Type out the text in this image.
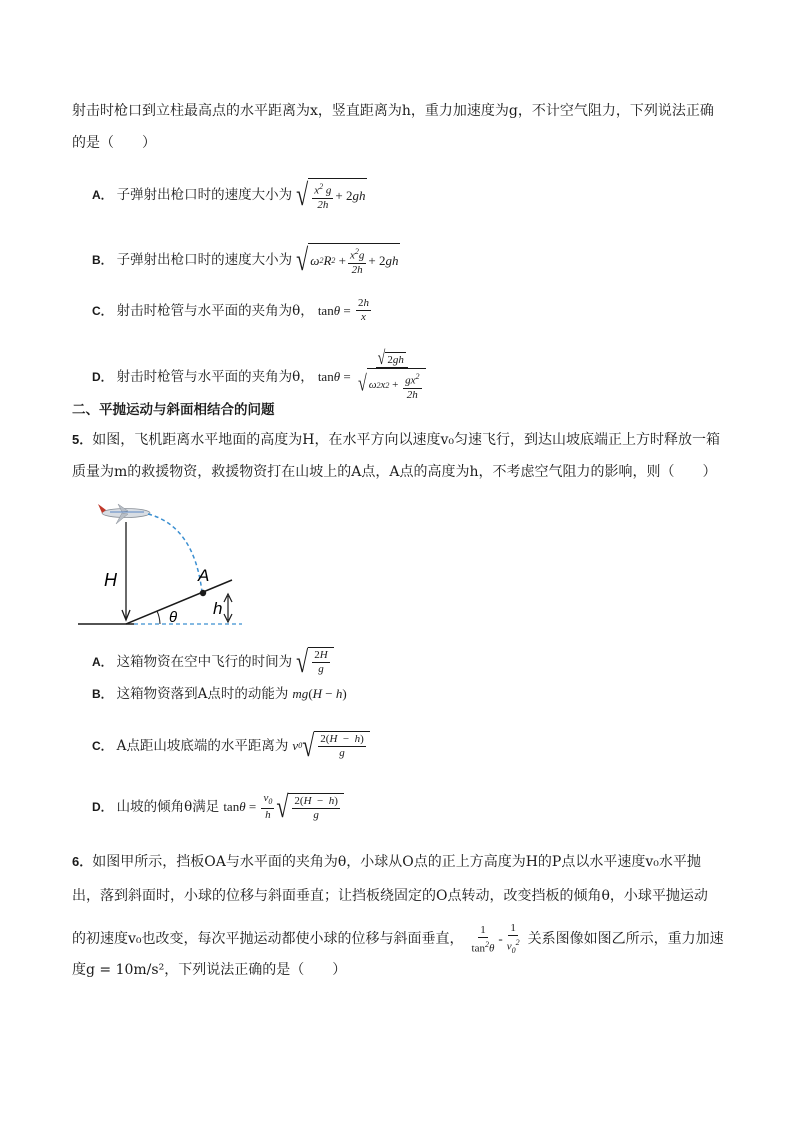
射击时枪口到立柱最高点的水平距离为x，竖直距离为h，重力加速度为g，不计空气阻力，下列说法正确
的是（　　）
A． 子弹射出枪口时的速度大小为 √ $\frac{x^2 g}{2h} + 2$ gh
B． 子弹射出枪口时的速度大小为 √ ω 2 R 2
+ $\frac{x^2g}{2h} + 2$ gh
C． 射击时枪管与水平面的夹角为θ， $\tan \theta = \frac{2h}{x}$
D． 射击时枪管与水平面的夹角为θ， tan θ = √ 2 gh
√ ω 2 x 2
+
$\frac{gx^2}{2h}$
二、平抛运动与斜面相结合的问题
5．如图，飞机距离水平地面的高度为H，在水平方向以速度v₀匀速飞行，到达山坡底端正上方时释放一箱
质量为m的救援物资，救援物资打在山坡上的A点，A点的高度为h，不考虑空气阻力的影响，则（　　）
H	A
h
θ
A． 这箱物资在空中飞行的时间为 √ $\frac{2H}{g}$
B． 这箱物资落到A点时的动能为 mg ( H − h )
C． A点距山坡底端的水平距离为 v 0 √ $\frac{2(H - h)}{g}$
D． 山坡的倾角θ满足 $\tan \theta = \frac{v_0}{h}$ √ $\frac{2(H - h)}{g}$
6．如图甲所示，挡板OA与水平面的夹角为θ，小球从O点的正上方高度为H的P点以水平速度v₀水平抛
出，落到斜面时，小球的位移与斜面垂直；让挡板绕固定的O点转动，改变挡板的倾角θ，小球平抛运动
的初速度v₀也改变，每次平抛运动都使小球的位移与斜面垂直， $\frac{1}{\tan^2\theta} - \frac{1}{v_0^2}$ 关系图像如图乙所示，重力加速
度g = 10m/s²，下列说法正确的是（　　）
